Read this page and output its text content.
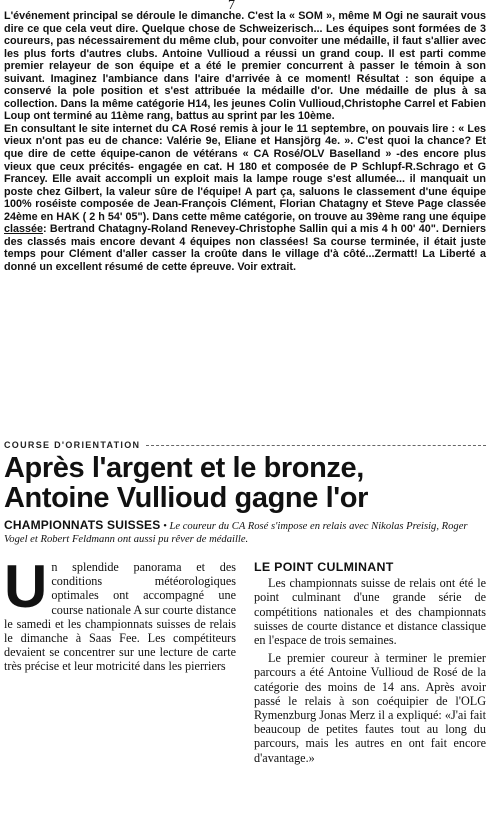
7

L'événement principal se déroule le dimanche. C'est la « SOM », même M Ogi ne saurait vous dire ce que cela veut dire. Quelque chose de Schweizerisch... Les équipes sont formées de 3 coureurs, pas nécessairement du même club, pour convoiter une médaille, il faut s'allier avec les plus forts d'autres clubs. Antoine Vullioud a réussi un grand coup. Il est parti comme premier relayeur de son équipe et a été le premier concurrent à passer le témoin à son suivant. Imaginez l'ambiance dans l'aire d'arrivée à ce moment! Résultat : son équipe a conservé la pole position et s'est attribuée la médaille d'or. Une médaille de plus à sa collection. Dans la même catégorie H14, les jeunes Colin Vullioud,Christophe Carrel et Fabien Loup ont terminé au 11ème rang, battus au sprint par les 10ème.

En consultant le site internet du CA Rosé remis à jour le 11 septembre, on pouvais lire : « Les vieux n'ont pas eu de chance: Valérie 9e, Eliane et Hansjörg 4e. ». C'est quoi la chance? Et que dire de cette équipe-canon de vétérans « CA Rosé/OLV Baselland » -des encore plus vieux que ceux précités- engagée en cat. H 180 et composée de P Schlupf-R.Schrago et G Francey. Elle avait accompli un exploit mais la lampe rouge s'est allumée... il manquait un poste chez Gilbert, la valeur sûre de l'équipe! A part ça, saluons le classement d'une équipe 100% roséiste composée de Jean-François Clément, Florian Chatagny et Steve Page classée 24ème en HAK ( 2 h 54' 05"). Dans cette même catégorie, on trouve au 39ème rang une équipe classée: Bertrand Chatagny-Roland Renevey-Christophe Sallin qui a mis 4 h 00' 40". Derniers des classés mais encore devant 4 équipes non classées! Sa course terminée, il était juste temps pour Clément d'aller casser la croûte dans le village d'à côté...Zermatt! La Liberté a donné un excellent résumé de cette épreuve. Voir extrait.

COURSE D'ORIENTATION
Après l'argent et le bronze,
Antoine Vullioud gagne l'or
CHAMPIONNATS SUISSES • Le coureur du CA Rosé s'impose en relais avec Nikolas Preisig, Roger Vogel et Robert Feldmann ont aussi pu rêver de médaille.

Un splendide panorama et des conditions météorologiques optimales ont accompagné une course nationale A sur courte distance le samedi et les championnats suisses de relais le dimanche à Saas Fee. Les compétiteurs devaient se concentrer sur une lecture de carte très précise et leur motricité dans les pierriers

LE POINT CULMINANT

Les championnats suisse de relais ont été le point culminant d'une grande série de compétitions nationales et des championnats suisses de courte distance et distance classique en l'espace de trois semaines.

Le premier coureur à terminer le premier parcours a été Antoine Vullioud de Rosé de la catégorie des moins de 14 ans. Après avoir passé le relais à son coéquipier de l'OLG Rymenzburg Jonas Merz il a expliqué: «J'ai fait beaucoup de petites fautes tout au long du parcours, mais les autres en ont fait encore d'avantage.»
